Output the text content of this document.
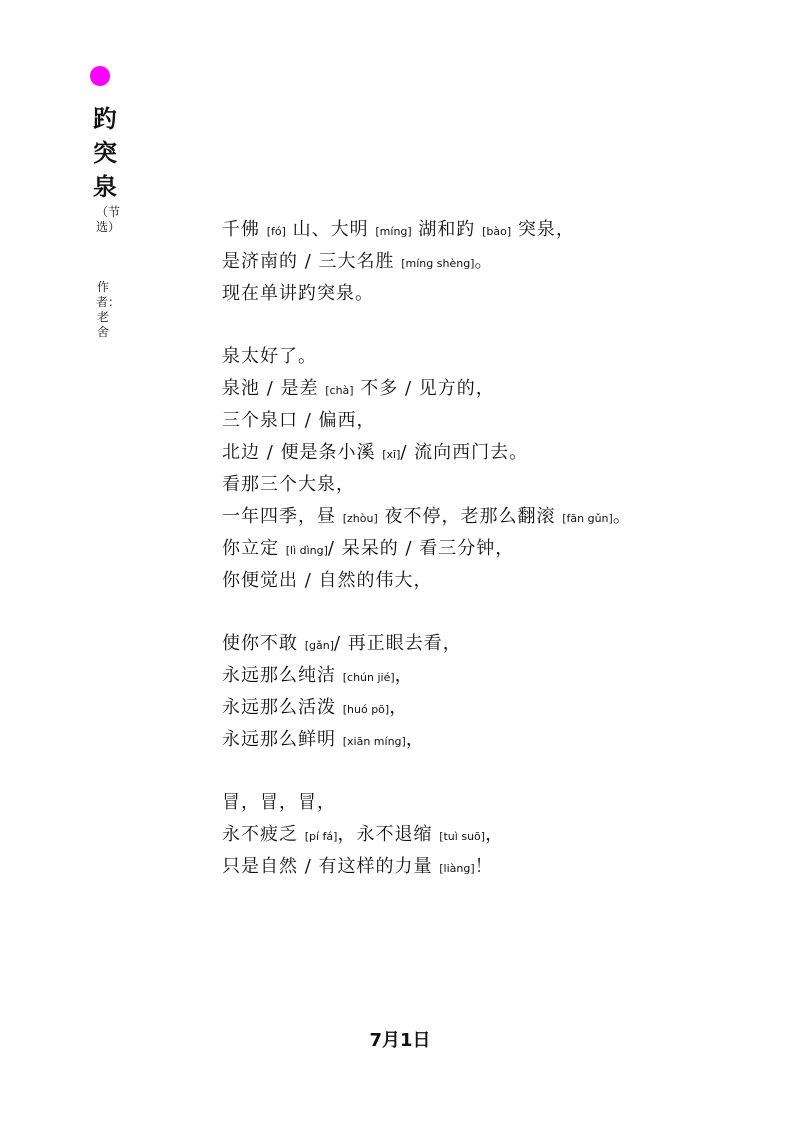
趵突泉
（节选）
作者：老舍
千佛 [fó] 山、大明 [míng] 湖和趵 [bào] 突泉，
是济南的 / 三大名胜 [míng shèng]。
现在单讲趵突泉。
泉太好了。
泉池 / 是差 [chà] 不多 / 见方的，
三个泉口 / 偏西，
北边 / 便是条小溪 [xī]/ 流向西门去。
看那三个大泉，
一年四季，昼 [zhòu] 夜不停，老那么翻滚 [fān gǔn]。
你立定 [lì dìng]/ 呆呆的 / 看三分钟，
你便觉出 / 自然的伟大，
使你不敢 [gǎn]/ 再正眼去看，
永远那么纯洁 [chún jié]，
永远那么活泼 [huó pō]，
永远那么鲜明 [xiān míng]，
冒，冒，冒，
永不疲乏 [pí fá]，永不退缩 [tuì suō]，
只是自然 / 有这样的力量 [liàng]！
7月1日
